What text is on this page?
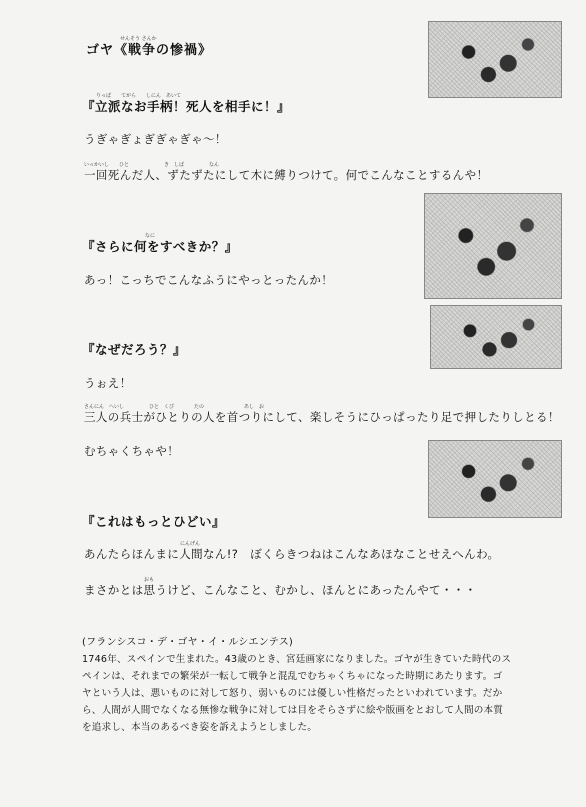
せんそう さんか
ゴヤ《戦争の惨禍》
りっぱ　　てがら　　しにん　あいて
『立派なお手柄！死人を相手に！』
うぎゃぎょぎぎゃぎゃ～！
いっかいし　　ひと　　　　　　　き　しば　　　　　なん
一回死んだ人、ずたずたにして木に縛りつけて。何でこんなことするんや！
なに
『さらに何をすべきか？』
あっ！こっちでこんなふうにやっとったんか！
『なぜだろう？』
うぉえ！
さんにん　へいし　　　　　ひと　くび　　　　たの　　　　　　　　あし　お
三人の兵士がひとりの人を首つりにして、楽しそうにひっぱったり足で押したりしとる！
むちゃくちゃや！
『これはもっとひどい』
にんげん
あんたらほんまに人間なん!?　ぼくらきつねはこんなあほなことせえへんわ。
おも
まさかとは思うけど、こんなこと、むかし、ほんとにあったんやて・・・
(フランシスコ・デ・ゴヤ・イ・ルシエンテス)
1746年、スペインで生まれた。43歳のとき、宮廷画家になりました。ゴヤが生きていた時代のス
ペインは、それまでの繁栄が一転して戦争と混乱でむちゃくちゃになった時期にあたります。ゴ
ヤという人は、悪いものに対して怒り、弱いものには優しい性格だったといわれています。だか
ら、人間が人間でなくなる無惨な戦争に対しては目をそらさずに絵や版画をとおして人間の本質
を追求し、本当のあるべき姿を訴えようとしました。
